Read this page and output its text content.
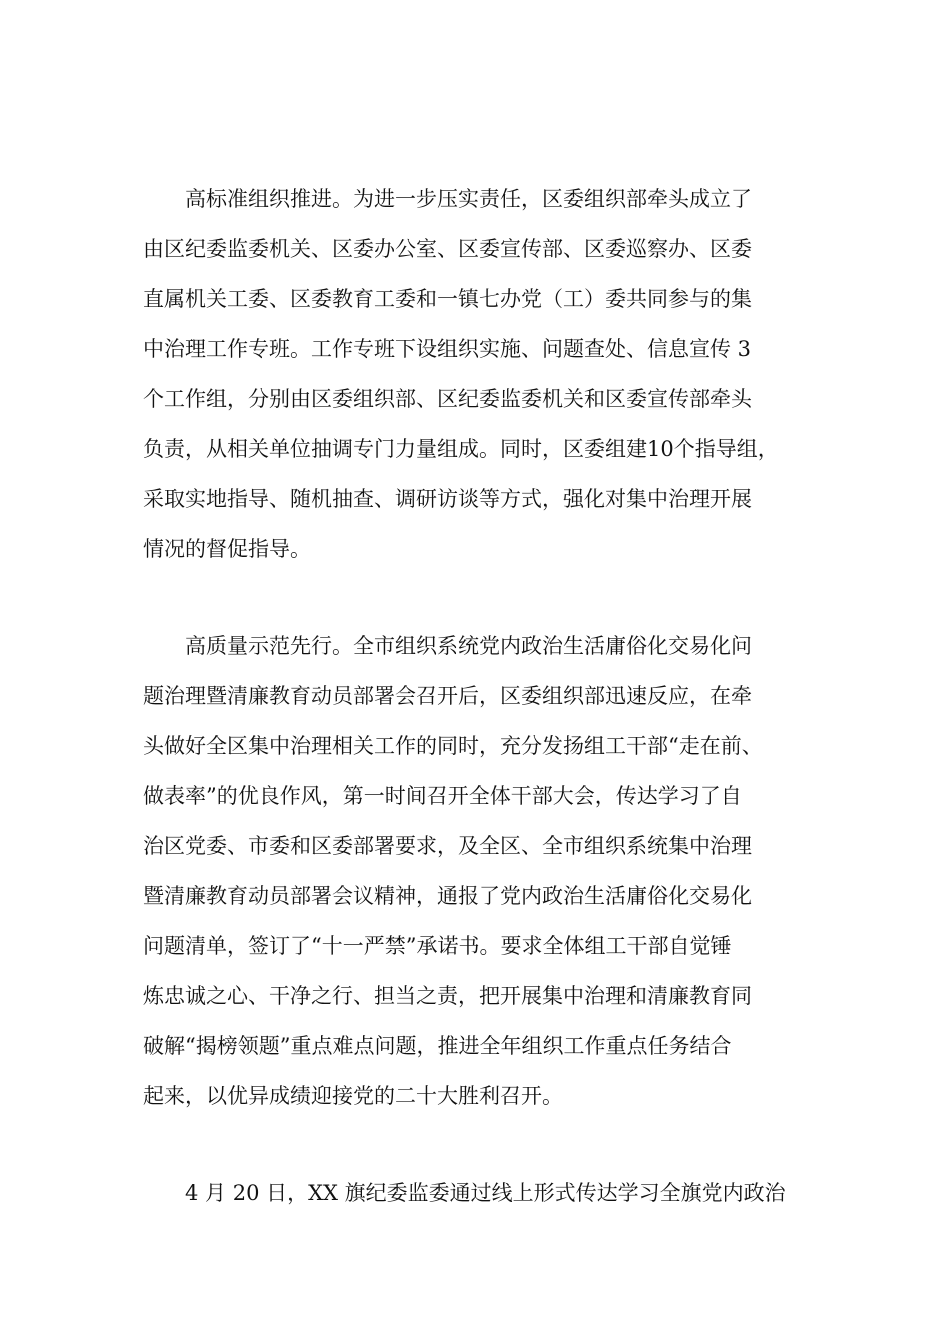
高标准组织推进。为进一步压实责任，区委组织部牵头成立了
由区纪委监委机关、区委办公室、区委宣传部、区委巡察办、区委
直属机关工委、区委教育工委和一镇七办党（工）委共同参与的集
中治理工作专班。工作专班下设组织实施、问题查处、信息宣传 3
个工作组，分别由区委组织部、区纪委监委机关和区委宣传部牵头
负责，从相关单位抽调专门力量组成。同时，区委组建10个指导组，
采取实地指导、随机抽查、调研访谈等方式，强化对集中治理开展
情况的督促指导。
高质量示范先行。全市组织系统党内政治生活庸俗化交易化问
题治理暨清廉教育动员部署会召开后，区委组织部迅速反应，在牵
头做好全区集中治理相关工作的同时，充分发扬组工干部“走在前、
做表率”的优良作风，第一时间召开全体干部大会，传达学习了自
治区党委、市委和区委部署要求，及全区、全市组织系统集中治理
暨清廉教育动员部署会议精神，通报了党内政治生活庸俗化交易化
问题清单，签订了“十一严禁”承诺书。要求全体组工干部自觉锤
炼忠诚之心、干净之行、担当之责，把开展集中治理和清廉教育同
破解“揭榜领题”重点难点问题，推进全年组织工作重点任务结合
起来，以优异成绩迎接党的二十大胜利召开。
4 月 20 日，XX 旗纪委监委通过线上形式传达学习全旗党内政治
